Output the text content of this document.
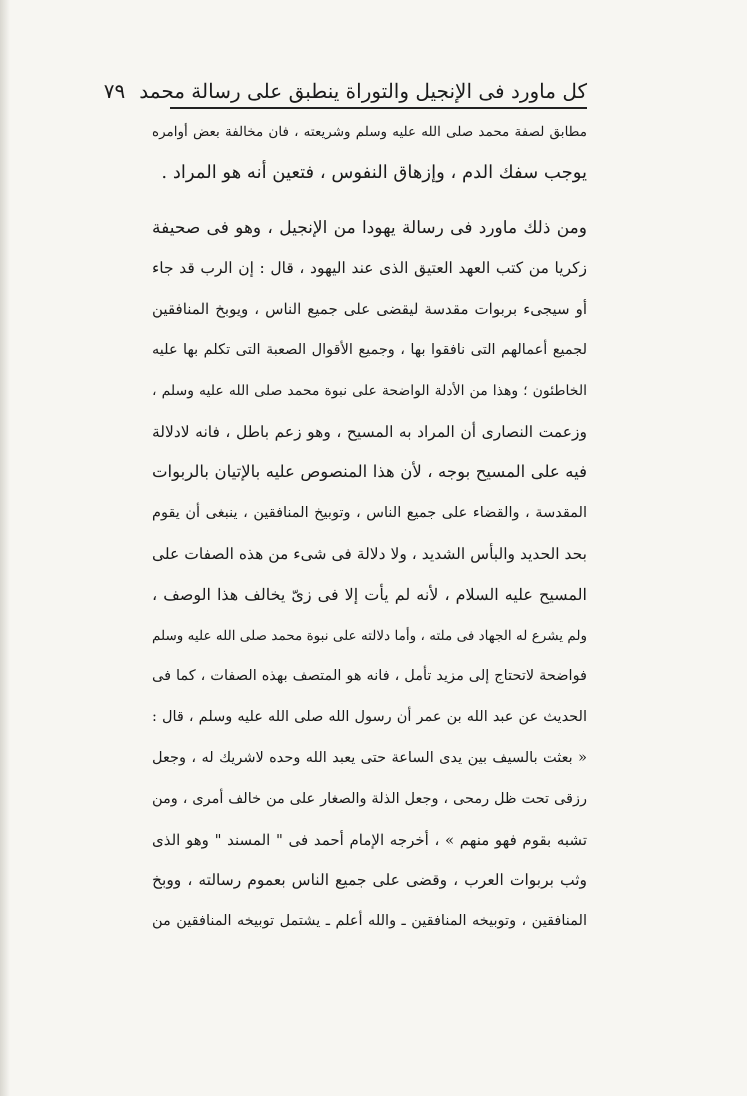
كل ماورد فى الإنجيل والتوراة ينطبق على رسالة محمد
٧٩

مطابق لصفة محمد صلى الله عليه وسلم وشريعته ، فان مخالفة بعض أوامره
يوجب سفك الدم ، وإزهاق النفوس ، فتعين أنه هو المراد .

ومن ذلك ماورد فى رسالة يهودا من الإنجيل ، وهو فى صحيفة
زكريا من كتب العهد العتيق الذى عند اليهود ، قال : إن الرب قد جاء
أو سيجىء بربوات مقدسة ليقضى على جميع الناس ، ويوبخ المنافقين
لجميع أعمالهم التى نافقوا بها ، وجميع الأقوال الصعبة التى تكلم بها عليه
الخاطئون ؛ وهذا من الأدلة الواضحة على نبوة محمد صلى الله عليه وسلم ،
وزعمت النصارى أن المراد به المسيح ، وهو زعم باطل ، فانه لادلالة
فيه على المسيح بوجه ، لأن هذا المنصوص عليه بالإتيان بالربوات
المقدسة ، والقضاء على جميع الناس ، وتوبيخ المنافقين ، ينبغى أن يقوم
بحد الحديد والبأس الشديد ، ولا دلالة فى شىء من هذه الصفات على
المسيح عليه السلام ، لأنه لم يأت إلا فى زىّ يخالف هذا الوصف ،
ولم يشرع له الجهاد فى ملته ، وأما دلالته على نبوة محمد صلى الله عليه وسلم
فواضحة لاتحتاج إلى مزيد تأمل ، فانه هو المتصف بهذه الصفات ، كما فى
الحديث عن عبد الله بن عمر أن رسول الله صلى الله عليه وسلم ، قال :
« بعثت بالسيف بين يدى الساعة حتى يعبد الله وحده لاشريك له ، وجعل
رزقى تحت ظل رمحى ، وجعل الذلة والصغار على من خالف أمرى ، ومن
تشبه بقوم فهو منهم » ، أخرجه الإمام أحمد فى " المسند " وهو الذى
وثب بربوات العرب ، وقضى على جميع الناس بعموم رسالته ، ووبخ
المنافقين ، وتوبيخه المنافقين ـ والله أعلم ـ يشتمل توبيخه المنافقين من
